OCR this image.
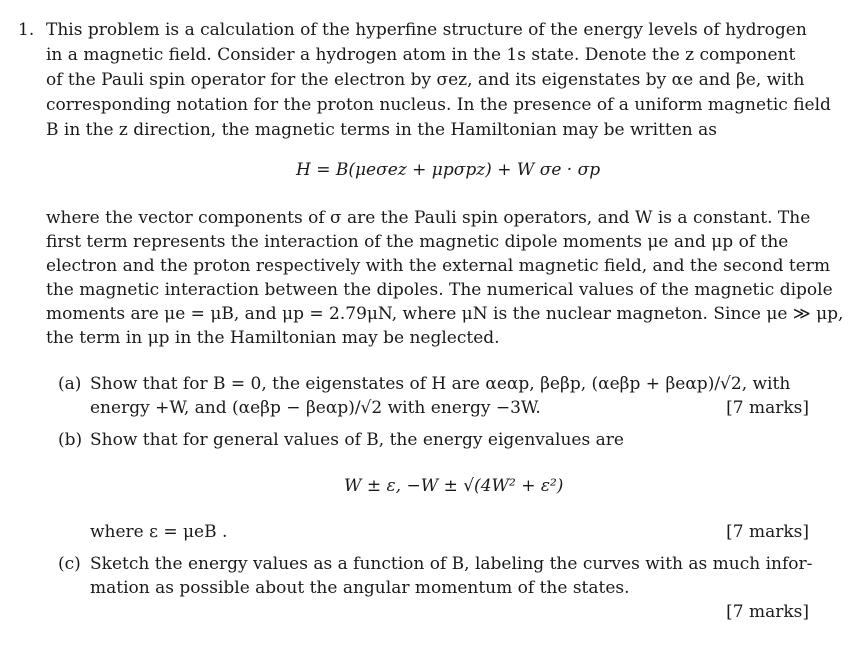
1. This problem is a calculation of the hyperfine structure of the energy levels of hydrogen
in a magnetic field. Consider a hydrogen atom in the 1s state. Denote the z component
of the Pauli spin operator for the electron by σez, and its eigenstates by αe and βe, with
corresponding notation for the proton nucleus. In the presence of a uniform magnetic field
B in the z direction, the magnetic terms in the Hamiltonian may be written as
H = B(μeσez + μpσpz) + W σe · σp
where the vector components of σ are the Pauli spin operators, and W is a constant. The
first term represents the interaction of the magnetic dipole moments μe and μp of the
electron and the proton respectively with the external magnetic field, and the second term
the magnetic interaction between the dipoles. The numerical values of the magnetic dipole
moments are μe = μB, and μp = 2.79μN, where μN is the nuclear magneton. Since μe ≫ μp,
the term in μp in the Hamiltonian may be neglected.
(a) Show that for B = 0, the eigenstates of H are αeαp, βeβp, (αeβp + βeαp)/√2, with
energy +W, and (αeβp − βeαp)/√2 with energy −3W.	[7 marks]
(b) Show that for general values of B, the energy eigenvalues are
W ± ε, −W ± √(4W² + ε²)
where ε = μeB .	[7 marks]
(c) Sketch the energy values as a function of B, labeling the curves with as much infor-
mation as possible about the angular momentum of the states.
[7 marks]
